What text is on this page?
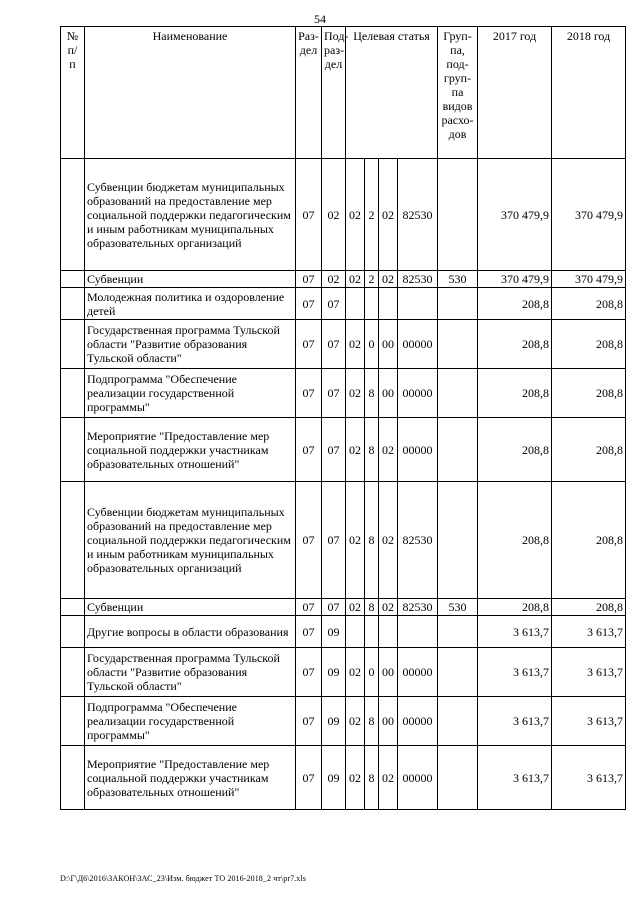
54
№ п/ п	Наименование	Раз- дел	Под- раз- дел	Целевая статья				Груп- па, под- груп- па видов расхо- дов	2017 год	2018 год
	Субвенции бюджетам муниципальных образований на предоставление мер социальной поддержки педагогическим и иным работникам муниципальных образовательных организаций	07	02	02	2	02	82530		370 479,9	370 479,9
	Субвенции	07	02	02	2	02	82530	530	370 479,9	370 479,9
	Молодежная политика и оздоровление детей	07	07						208,8	208,8
	Государственная программа Тульской области "Развитие образования Тульской области"	07	07	02	0	00	00000		208,8	208,8
	Подпрограмма "Обеспечение реализации государственной программы"	07	07	02	8	00	00000		208,8	208,8
	Мероприятие "Предоставление мер социальной поддержки участникам образовательных отношений"	07	07	02	8	02	00000		208,8	208,8
	Субвенции бюджетам муниципальных образований на предоставление мер социальной поддержки педагогическим и иным работникам муниципальных образовательных организаций	07	07	02	8	02	82530		208,8	208,8
	Субвенции	07	07	02	8	02	82530	530	208,8	208,8
	Другие вопросы в области образования	07	09						3 613,7	3 613,7
	Государственная программа Тульской области "Развитие образования Тульской области"	07	09	02	0	00	00000		3 613,7	3 613,7
	Подпрограмма "Обеспечение реализации государственной программы"	07	09	02	8	00	00000		3 613,7	3 613,7
	Мероприятие "Предоставление мер социальной поддержки участникам образовательных отношений"	07	09	02	8	02	00000		3 613,7	3 613,7
D:\Г\Д6\2016\ЗАКОН\ЗАС_23\Изм. бюджет ТО 2016-2018_2 чт\pr7.xls
